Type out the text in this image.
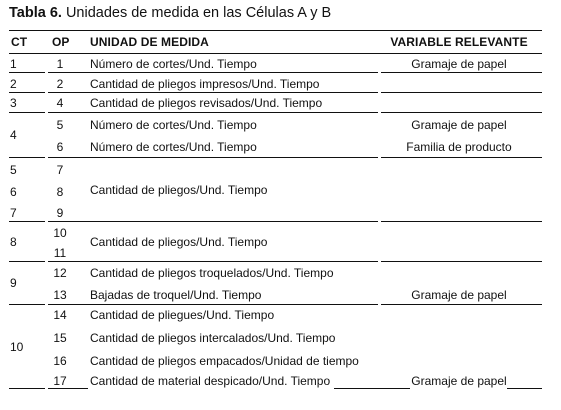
Tabla 6. Unidades de medida en las Células A y B
CT OP UNIDAD DE MEDIDA	VARIABLE RELEVANTE
1
2
3
4
5
6
7
8
9
10
1
2
4
5
6
7
8
9
10
11
12
13
14
15
16
17
Número de cortes/Und. Tiempo
Cantidad de pliegos impresos/Und. Tiempo
Cantidad de pliegos revisados/Und. Tiempo
Número de cortes/Und. Tiempo
Número de cortes/Und. Tiempo
Cantidad de pliegos/Und. Tiempo
Cantidad de pliegos/Und. Tiempo
Cantidad de pliegos troquelados/Und. Tiempo
Bajadas de troquel/Und. Tiempo
Cantidad de pliegues/Und. Tiempo
Cantidad de pliegos intercalados/Und. Tiempo
Cantidad de pliegos empacados/Unidad de tiempo
Cantidad de material despicado/Und. Tiempo
Gramaje de papel
Gramaje de papel
Familia de producto
Gramaje de papel
Gramaje de papel
